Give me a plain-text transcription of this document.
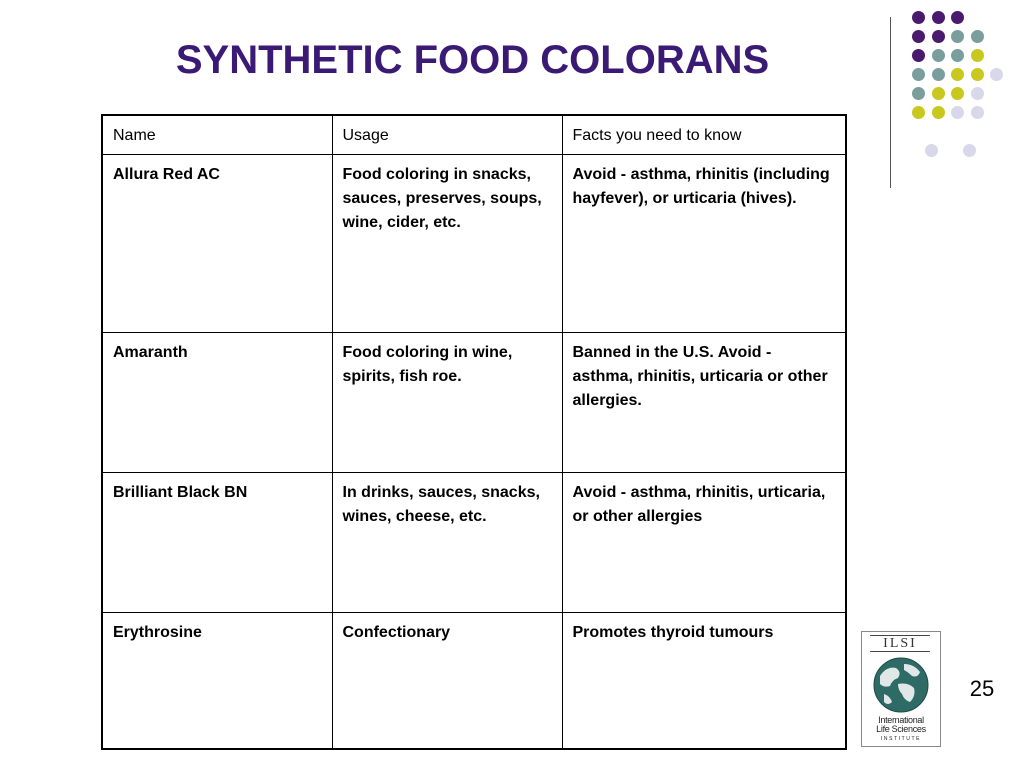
SYNTHETIC FOOD COLORANS
Name	Usage	Facts you need to know
Allura Red AC	Food coloring in snacks, sauces, preserves, soups, wine, cider, etc.	Avoid - asthma, rhinitis (including hayfever), or urticaria (hives).
Amaranth	Food coloring in wine, spirits, fish roe.	Banned in the U.S. Avoid - asthma, rhinitis, urticaria or other allergies.
Brilliant Black BN	In drinks, sauces, snacks, wines, cheese, etc.	Avoid - asthma, rhinitis, urticaria, or other allergies
Erythrosine	Confectionary	Promotes thyroid tumours
ILSI
International
Life Sciences
INSTITUTE
25
